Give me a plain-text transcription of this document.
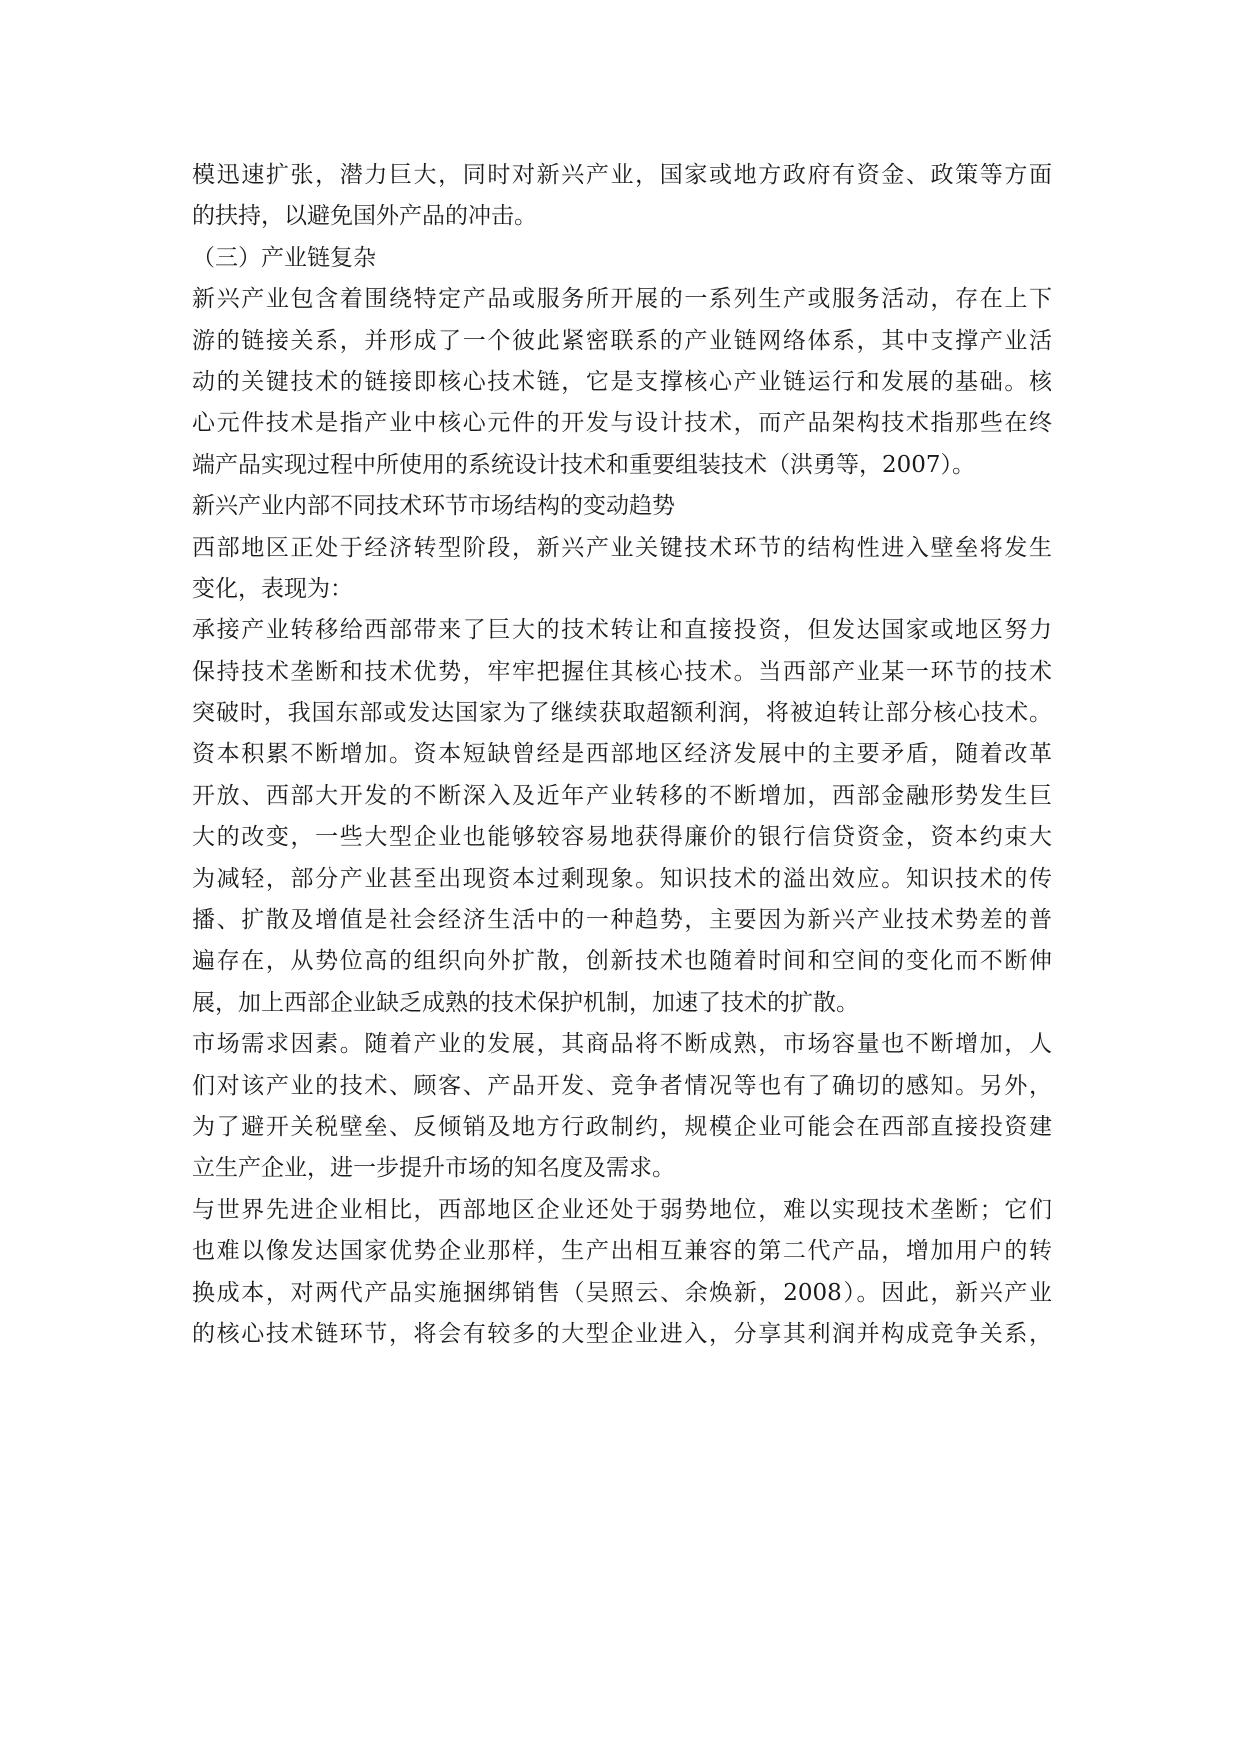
模迅速扩张，潜力巨大，同时对新兴产业，国家或地方政府有资金、政策等方面
的扶持，以避免国外产品的冲击。
（三）产业链复杂
新兴产业包含着围绕特定产品或服务所开展的一系列生产或服务活动，存在上下
游的链接关系，并形成了一个彼此紧密联系的产业链网络体系，其中支撑产业活
动的关键技术的链接即核心技术链，它是支撑核心产业链运行和发展的基础。核
心元件技术是指产业中核心元件的开发与设计技术，而产品架构技术指那些在终
端产品实现过程中所使用的系统设计技术和重要组装技术（洪勇等，2007）。
新兴产业内部不同技术环节市场结构的变动趋势
西部地区正处于经济转型阶段，新兴产业关键技术环节的结构性进入壁垒将发生
变化，表现为：
承接产业转移给西部带来了巨大的技术转让和直接投资，但发达国家或地区努力
保持技术垄断和技术优势，牢牢把握住其核心技术。当西部产业某一环节的技术
突破时，我国东部或发达国家为了继续获取超额利润，将被迫转让部分核心技术。
资本积累不断增加。资本短缺曾经是西部地区经济发展中的主要矛盾，随着改革
开放、西部大开发的不断深入及近年产业转移的不断增加，西部金融形势发生巨
大的改变，一些大型企业也能够较容易地获得廉价的银行信贷资金，资本约束大
为减轻，部分产业甚至出现资本过剩现象。知识技术的溢出效应。知识技术的传
播、扩散及增值是社会经济生活中的一种趋势，主要因为新兴产业技术势差的普
遍存在，从势位高的组织向外扩散，创新技术也随着时间和空间的变化而不断伸
展，加上西部企业缺乏成熟的技术保护机制，加速了技术的扩散。
市场需求因素。随着产业的发展，其商品将不断成熟，市场容量也不断增加，人
们对该产业的技术、顾客、产品开发、竞争者情况等也有了确切的感知。另外，
为了避开关税壁垒、反倾销及地方行政制约，规模企业可能会在西部直接投资建
立生产企业，进一步提升市场的知名度及需求。
与世界先进企业相比，西部地区企业还处于弱势地位，难以实现技术垄断；它们
也难以像发达国家优势企业那样，生产出相互兼容的第二代产品，增加用户的转
换成本，对两代产品实施捆绑销售（吴照云、余焕新，2008）。因此，新兴产业
的核心技术链环节，将会有较多的大型企业进入，分享其利润并构成竞争关系，
